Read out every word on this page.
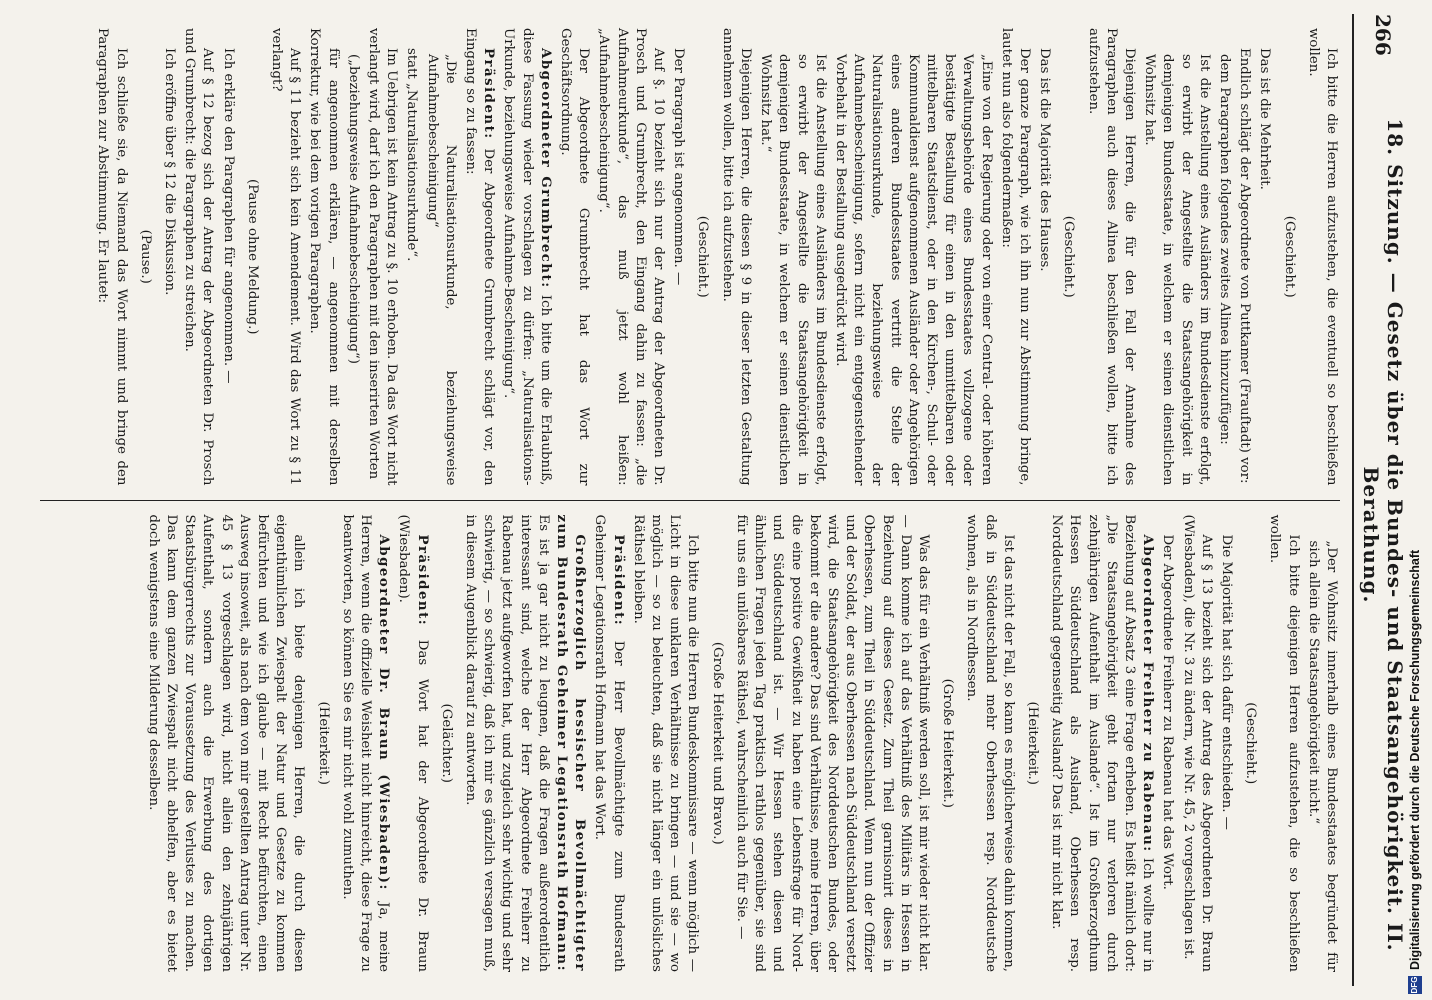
266
18. Sitzung. — Gesetz über die Bundes- und Staatsangehörigkeit. II. Berathung.

Ich bitte die Herren aufzustehen, die eventuell so beschließen wollen.

(Geschieht.)

Das ist die Mehrheit.

Endlich schlägt der Abgeordnete von Puttkamer (Frauſtadt) vor:

dem Paragraphen folgendes zweites Alinea hinzuzufügen:

Ist die Anstellung eines Ausländers im Bundesdienste erfolgt, so erwirbt der Angestellte die Staatsangehörigkeit in demjenigen Bundesstaate, in welchem er seinen dienstlichen Wohnsitz hat.

Diejenigen Herren, die für den Fall der Annahme des Paragraphen auch dieses Alinea beschließen wollen, bitte ich aufzustehen.

(Geschieht.)

Das ist die Majorität des Hauses.

Der ganze Paragraph, wie ich ihn nun zur Abstimmung bringe, lautet nun also folgendermaßen:

„Eine von der Regierung oder von einer Central- oder höheren Verwaltungsbehörde eines Bundesstaates vollzogene oder bestätigte Bestallung für einen in den unmittelbaren oder mittelbaren Staatsdienst, oder in den Kirchen-, Schul- oder Kommunaldienst aufgenommenen Ausländer oder Angehörigen eines anderen Bundesstaates vertritt die Stelle der Naturalisationsurkunde, beziehungsweise der Aufnahmebescheinigung, sofern nicht ein entgegenstehender Vorbehalt in der Bestallung ausgedrückt wird.

Ist die Anstellung eines Ausländers im Bundesdienste erfolgt, so erwirbt der Angestellte die Staatsangehörigkeit in demjenigen Bundesstaate, in welchem er seinen dienstlichen Wohnsitz hat.“

Diejenigen Herren, die diesen § 9 in dieser letzten Gestaltung annehmen wollen, bitte ich aufzustehen.

(Geschieht.)

Der Paragraph ist angenommen. —

Auf §. 10 bezieht sich nur der Antrag der Abgeordneten Dr. Prosch und Grumbrecht, den Eingang dahin zu fassen: „die Aufnahmeurkunde“, das muß jetzt wohl heißen: „Aufnahmebescheinigung“.

Der Abgeordnete Grumbrecht hat das Wort zur Geschäftsordnung.

Abgeordneter Grumbrecht: Ich bitte um die Erlaubniß, diese Fassung wieder vorschlagen zu dürfen: „Naturalisations-Urkunde, beziehungsweise Aufnahme-Bescheinigung“.

Präsident: Der Abgeordnete Grumbrecht schlägt vor, den Eingang so zu fassen:

„Die Naturalisationsurkunde, beziehungsweise Aufnahmebescheinigung“

statt „Naturalisationsurkunde“.

Im Uebrigen ist kein Antrag zu §. 10 erhoben. Da das Wort nicht verlangt wird, darf ich den Paragraphen mit den inserirten Worten

(„beziehungsweise Aufnahmebescheinigung“)

für angenommen erklären, — angenommen mit derselben Korrektur, wie bei dem vorigen Paragraphen.

Auf § 11 bezieht sich kein Amendement. Wird das Wort zu § 11 verlangt?

(Pause ohne Meldung.)

Ich erkläre den Paragraphen für angenommen. —

Auf § 12 bezog sich der Antrag der Abgeordneten Dr. Prosch und Grumbrecht: die Paragraphen zu streichen.

Ich eröffne über § 12 die Diskussion.

(Pause.)

Ich schließe sie, da Niemand das Wort nimmt und bringe den Paragraphen zur Abstimmung. Er lautet:

„Der Wohnsitz innerhalb eines Bundesstaates begründet für sich allein die Staatsangehörigkeit nicht.“

Ich bitte diejenigen Herren aufzustehen, die so beschließen wollen.

(Geschieht.)

Die Majorität hat sich dafür entschieden. —

Auf § 13 bezieht sich der Antrag des Abgeordneten Dr. Braun (Wiesbaden), die Nr. 3 zu ändern, wie Nr. 45, 2 vorgeschlagen ist.

Der Abgeordnete Freiherr zu Rabenau hat das Wort.

Abgeordneter Freiherr zu Rabenau: Ich wollte nur in Beziehung auf Absatz 3 eine Frage erheben. Es heißt nämlich dort: „Die Staatsangehörigkeit geht fortan nur verloren durch zehnjährigen Aufenthalt im Auslande“. Ist im Großherzogthum Hessen Süddeutschland als Ausland, Oberhessen resp. Norddeutschland gegenseitig Ausland? Das ist mir nicht klar.

(Heiterkeit.)

Ist das nicht der Fall, so kann es möglicherweise dahin kommen, daß in Süddeutschland mehr Oberhessen resp. Norddeutsche wohnen, als in Nordhessen.

(Große Heiterkeit.)

Was das für ein Verhältniß werden soll, ist mir wieder nicht klar. — Dann komme ich auf das Verhältniß des Militärs in Hessen in Beziehung auf dieses Gesetz. Zum Theil garnisonirt dieses in Oberhessen, zum Theil in Süddeutschland. Wenn nun der Offizier und der Soldat, der aus Oberhessen nach Süddeutschland versetzt wird, die Staatsangehörigkeit des Norddeutschen Bundes, oder bekommt er die andere? Das sind Verhältnisse, meine Herren, über die eine positive Gewißheit zu haben eine Lebensfrage für Nord- und Süddeutschland ist. — Wir Hessen stehen diesen und ähnlichen Fragen jeden Tag praktisch rathlos gegenüber, sie sind für uns ein unlösbares Räthsel, wahrscheinlich auch für Sie. —

(Große Heiterkeit und Bravo.)

Ich bitte nun die Herren Bundeskommissare — wenn möglich — Licht in diese unklaren Verhältnisse zu bringen — und sie — wo möglich — so zu beleuchten, daß sie nicht länger ein unlösliches Räthsel bleiben.

Präsident: Der Herr Bevollmächtigte zum Bundesrath Geheimer Legationsrath Hofmann hat das Wort.

Großherzoglich hessischer Bevollmächtigter zum Bundesrath Geheimer Legationsrath Hofmann: Es ist ja gar nicht zu leugnen, daß die Fragen außerordentlich interessant sind, welche der Herr Abgeordnete Freiherr zu Rabenau jetzt aufgeworfen hat, und zugleich sehr wichtig und sehr schwierig, — so schwierig, daß ich mir es gänzlich versagen muß, in diesem Augenblick darauf zu antworten.

(Gelächter.)

Präsident: Das Wort hat der Abgeordnete Dr. Braun (Wiesbaden).

Abgeordneter Dr. Braun (Wiesbaden): Ja, meine Herren, wenn die offizielle Weisheit nicht hinreicht, diese Frage zu beantworten, so können Sie es mir nicht wohl zumuthen.

(Heiterkeit.)

allein ich biete denjenigen Herren, die durch diesen eigenthümlichen Zwiespalt der Natur und Gesetze zu kommen befürchten und wie ich glaube — mit Recht befürchten, einen Ausweg insoweit, als nach dem von mir gestellten Antrag unter Nr. 45 § 13 vorgeschlagen wird, nicht allein den zehnjährigen Aufenthalt, sondern auch die Erwerbung des dortigen Staatsbürgerrechts zur Voraussetzung des Verlustes zu machen. Das kann dem ganzen Zwiespalt nicht abhelfen, aber es bietet doch wenigstens eine Milderung desselben.

DFG
Digitalisierung gefördert durch die Deutsche Forschungsgemeinschaft
